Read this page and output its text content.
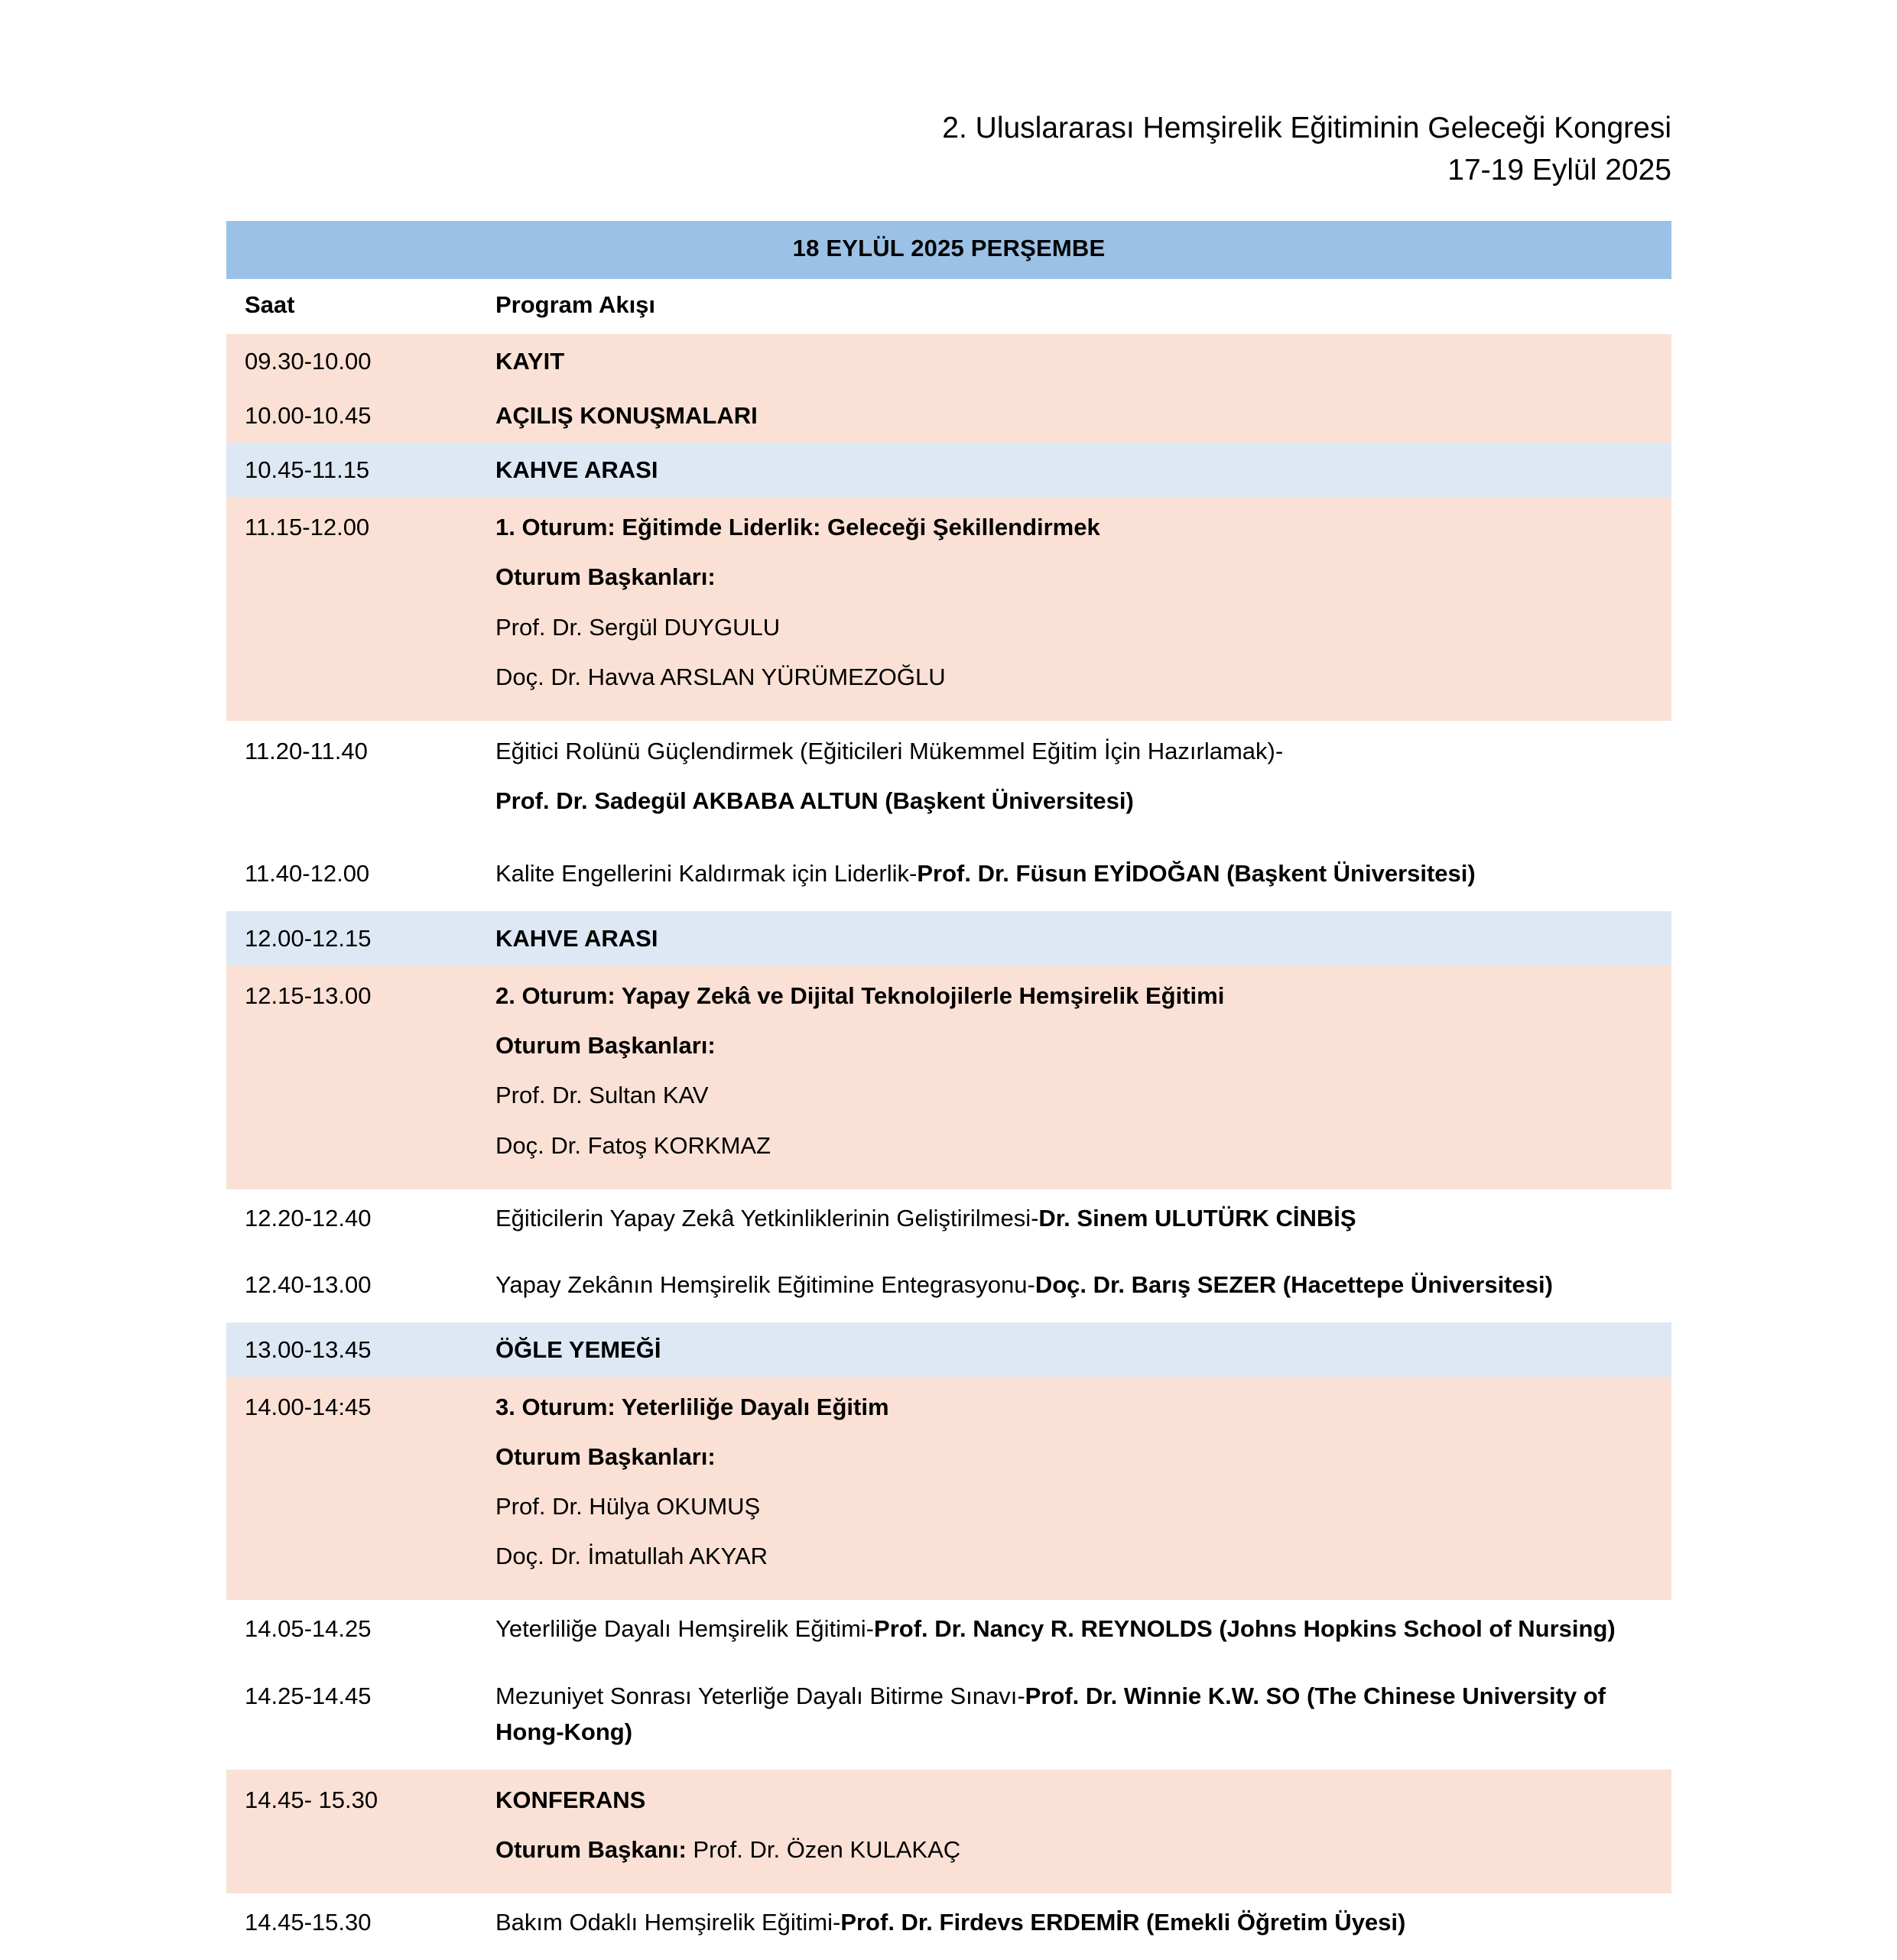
2. Uluslararası Hemşirelik Eğitiminin Geleceği Kongresi
17-19 Eylül 2025
18 EYLÜL 2025 PERŞEMBE	
Saat	Program Akışı
09.30-10.00	KAYIT

10.00-10.45	AÇILIŞ KONUŞMALARI

10.45-11.15	KAHVE ARASI

11.15-12.00	1. Oturum: Eğitimde Liderlik: Geleceği Şekillendirmek
Oturum Başkanları:
Prof. Dr. Sergül DUYGULU
Doç. Dr. Havva ARSLAN YÜRÜMEZOĞLU

11.20-11.40	Eğitici Rolünü Güçlendirmek (Eğiticileri Mükemmel Eğitim İçin Hazırlamak)-
Prof. Dr. Sadegül AKBABA ALTUN (Başkent Üniversitesi)

11.40-12.00	Kalite Engellerini Kaldırmak için Liderlik-Prof. Dr. Füsun EYİDOĞAN (Başkent Üniversitesi)

12.00-12.15	KAHVE ARASI

12.15-13.00	2. Oturum: Yapay Zekâ ve Dijital Teknolojilerle Hemşirelik Eğitimi
Oturum Başkanları:
Prof. Dr. Sultan KAV
Doç. Dr. Fatoş KORKMAZ

12.20-12.40	Eğiticilerin Yapay Zekâ Yetkinliklerinin Geliştirilmesi-Dr. Sinem ULUTÜRK CİNBİŞ

12.40-13.00	Yapay Zekânın Hemşirelik Eğitimine Entegrasyonu-Doç. Dr. Barış SEZER (Hacettepe Üniversitesi)

13.00-13.45	ÖĞLE YEMEĞİ

14.00-14:45	3. Oturum: Yeterliliğe Dayalı Eğitim
Oturum Başkanları:
Prof. Dr. Hülya OKUMUŞ
Doç. Dr. İmatullah AKYAR

14.05-14.25	Yeterliliğe Dayalı Hemşirelik Eğitimi-Prof. Dr. Nancy R. REYNOLDS (Johns Hopkins School of Nursing)

14.25-14.45	Mezuniyet Sonrası Yeterliğe Dayalı Bitirme Sınavı-Prof. Dr. Winnie K.W. SO (The Chinese University of Hong-Kong)

14.45- 15.30	KONFERANS
Oturum Başkanı: Prof. Dr. Özen KULAKAÇ

14.45-15.30	Bakım Odaklı Hemşirelik Eğitimi-Prof. Dr. Firdevs ERDEMİR (Emekli Öğretim Üyesi)
